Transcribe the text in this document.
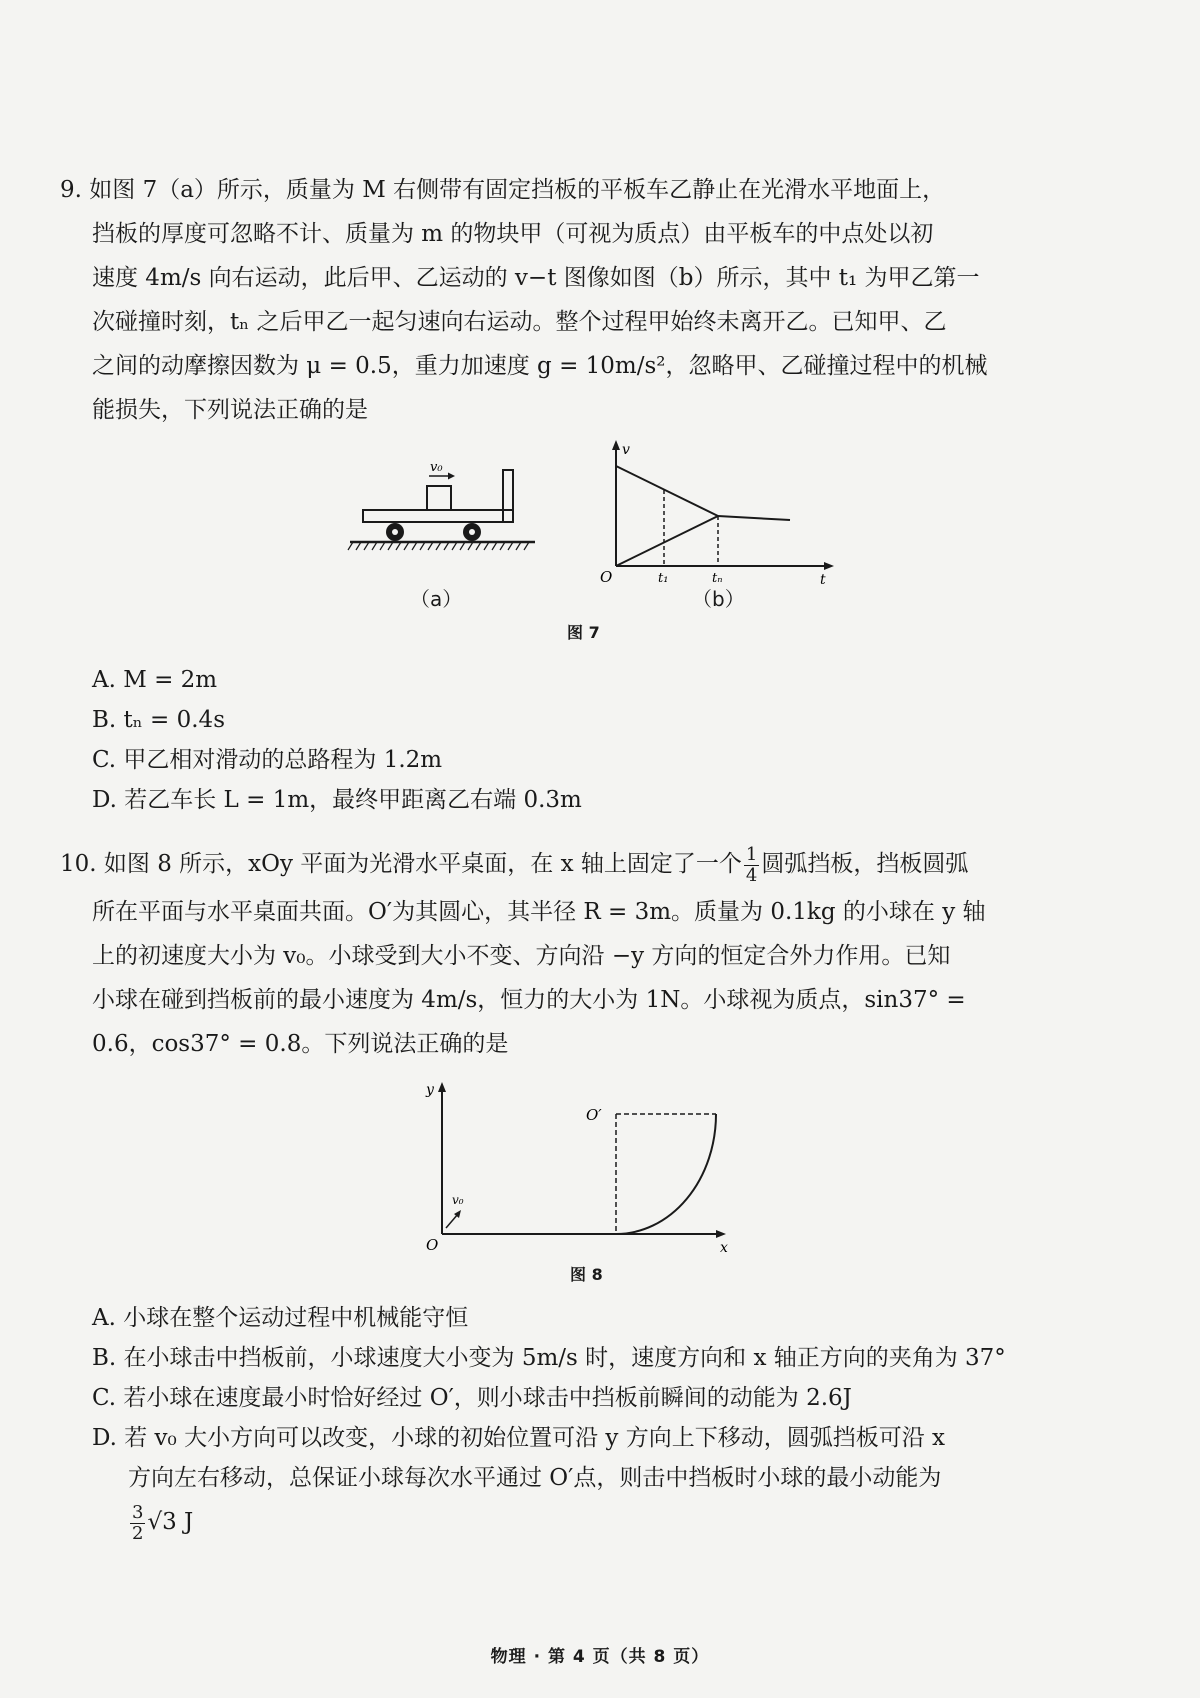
9. 如图 7（a）所示，质量为 M 右侧带有固定挡板的平板车乙静止在光滑水平地面上，

挡板的厚度可忽略不计、质量为 m 的物块甲（可视为质点）由平板车的中点处以初

速度 4m/s 向右运动，此后甲、乙运动的 v−t 图像如图（b）所示，其中 t₁ 为甲乙第一

次碰撞时刻，tₙ 之后甲乙一起匀速向右运动。整个过程甲始终未离开乙。已知甲、乙

之间的动摩擦因数为 μ = 0.5，重力加速度 g = 10m/s²，忽略甲、乙碰撞过程中的机械

能损失，下列说法正确的是

v₀
（a）
v
O	t₁	tₙ	t
（b）
图 7

A. M = 2m

B. tₙ = 0.4s

C. 甲乙相对滑动的总路程为 1.2m

D. 若乙车长 L = 1m，最终甲距离乙右端 0.3m

10. 如图 8 所示，xOy 平面为光滑水平桌面，在 x 轴上固定了一个 $\frac{1}{4}$ 圆弧挡板，挡板圆弧

所在平面与水平桌面共面。O′为其圆心，其半径 R = 3m。质量为 0.1kg 的小球在 y 轴

上的初速度大小为 v₀。小球受到大小不变、方向沿 −y 方向的恒定合外力作用。已知

小球在碰到挡板前的最小速度为 4m/s，恒力的大小为 1N。小球视为质点，sin37° =

0.6，cos37° = 0.8。下列说法正确的是

y
O	x
O′
v₀
图 8

A. 小球在整个运动过程中机械能守恒

B. 在小球击中挡板前，小球速度大小变为 5m/s 时，速度方向和 x 轴正方向的夹角为 37°

C. 若小球在速度最小时恰好经过 O′，则小球击中挡板前瞬间的动能为 2.6J

D. 若 v₀ 大小方向可以改变，小球的初始位置可沿 y 方向上下移动，圆弧挡板可沿 x

方向左右移动，总保证小球每次水平通过 O′点，则击中挡板时小球的最小动能为

$\frac{3}{2} √3$ J

物理 · 第 4 页（共 8 页）
